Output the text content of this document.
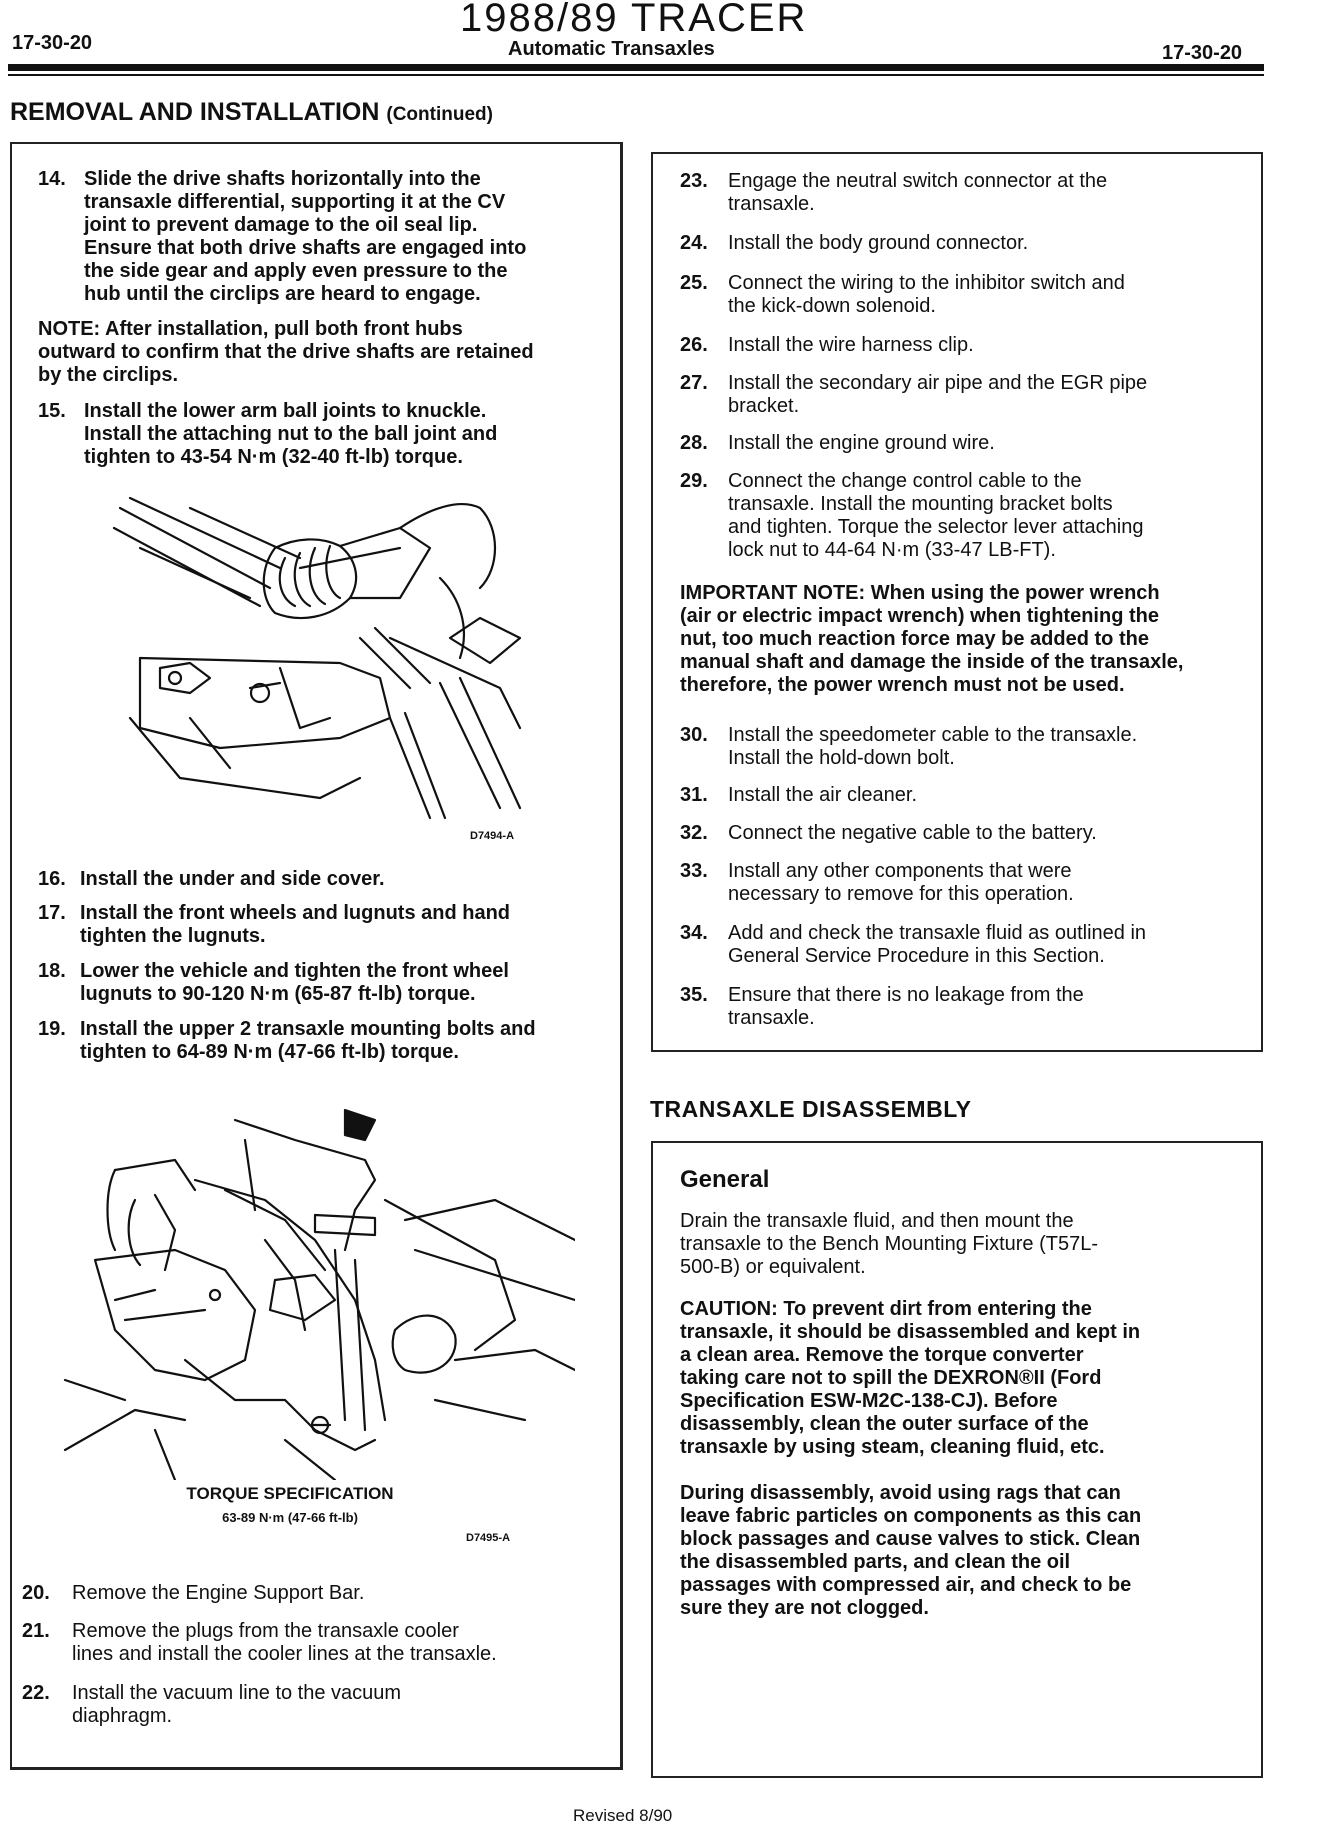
17-30-20
1988/89 TRACER
Automatic Transaxles	17-30-20
REMOVAL AND INSTALLATION (Continued)
14. Slide the drive shafts horizontally into the
transaxle differential, supporting it at the CV
joint to prevent damage to the oil seal lip.
Ensure that both drive shafts are engaged into
the side gear and apply even pressure to the
hub until the circlips are heard to engage.
NOTE: After installation, pull both front hubs
outward to confirm that the drive shafts are retained
by the circlips.
15. Install the lower arm ball joints to knuckle.
Install the attaching nut to the ball joint and
tighten to 43-54 N·m (32-40 ft-lb) torque.
D7494-A
16. Install the under and side cover.
17. Install the front wheels and lugnuts and hand
tighten the lugnuts.
18. Lower the vehicle and tighten the front wheel
lugnuts to 90-120 N·m (65-87 ft-lb) torque.
19. Install the upper 2 transaxle mounting bolts and
tighten to 64-89 N·m (47-66 ft-lb) torque.
TORQUE SPECIFICATION
63-89 N·m (47-66 ft-lb)
D7495-A
20. Remove the Engine Support Bar.
21. Remove the plugs from the transaxle cooler
lines and install the cooler lines at the transaxle.
22. Install the vacuum line to the vacuum
diaphragm.
23. Engage the neutral switch connector at the
transaxle.
24. Install the body ground connector.
25. Connect the wiring to the inhibitor switch and
the kick-down solenoid.
26. Install the wire harness clip.
27. Install the secondary air pipe and the EGR pipe
bracket.
28. Install the engine ground wire.
29. Connect the change control cable to the
transaxle. Install the mounting bracket bolts
and tighten. Torque the selector lever attaching
lock nut to 44-64 N·m (33-47 LB-FT).
IMPORTANT NOTE: When using the power wrench
(air or electric impact wrench) when tightening the
nut, too much reaction force may be added to the
manual shaft and damage the inside of the transaxle,
therefore, the power wrench must not be used.
30. Install the speedometer cable to the transaxle.
Install the hold-down bolt.
31. Install the air cleaner.
32. Connect the negative cable to the battery.
33. Install any other components that were
necessary to remove for this operation.
34. Add and check the transaxle fluid as outlined in
General Service Procedure in this Section.
35. Ensure that there is no leakage from the
transaxle.
TRANSAXLE DISASSEMBLY
General
Drain the transaxle fluid, and then mount the
transaxle to the Bench Mounting Fixture (T57L-
500-B) or equivalent.
CAUTION: To prevent dirt from entering the
transaxle, it should be disassembled and kept in
a clean area. Remove the torque converter
taking care not to spill the DEXRON®II (Ford
Specification ESW-M2C-138-CJ). Before
disassembly, clean the outer surface of the
transaxle by using steam, cleaning fluid, etc.
During disassembly, avoid using rags that can
leave fabric particles on components as this can
block passages and cause valves to stick. Clean
the disassembled parts, and clean the oil
passages with compressed air, and check to be
sure they are not clogged.
Revised 8/90
